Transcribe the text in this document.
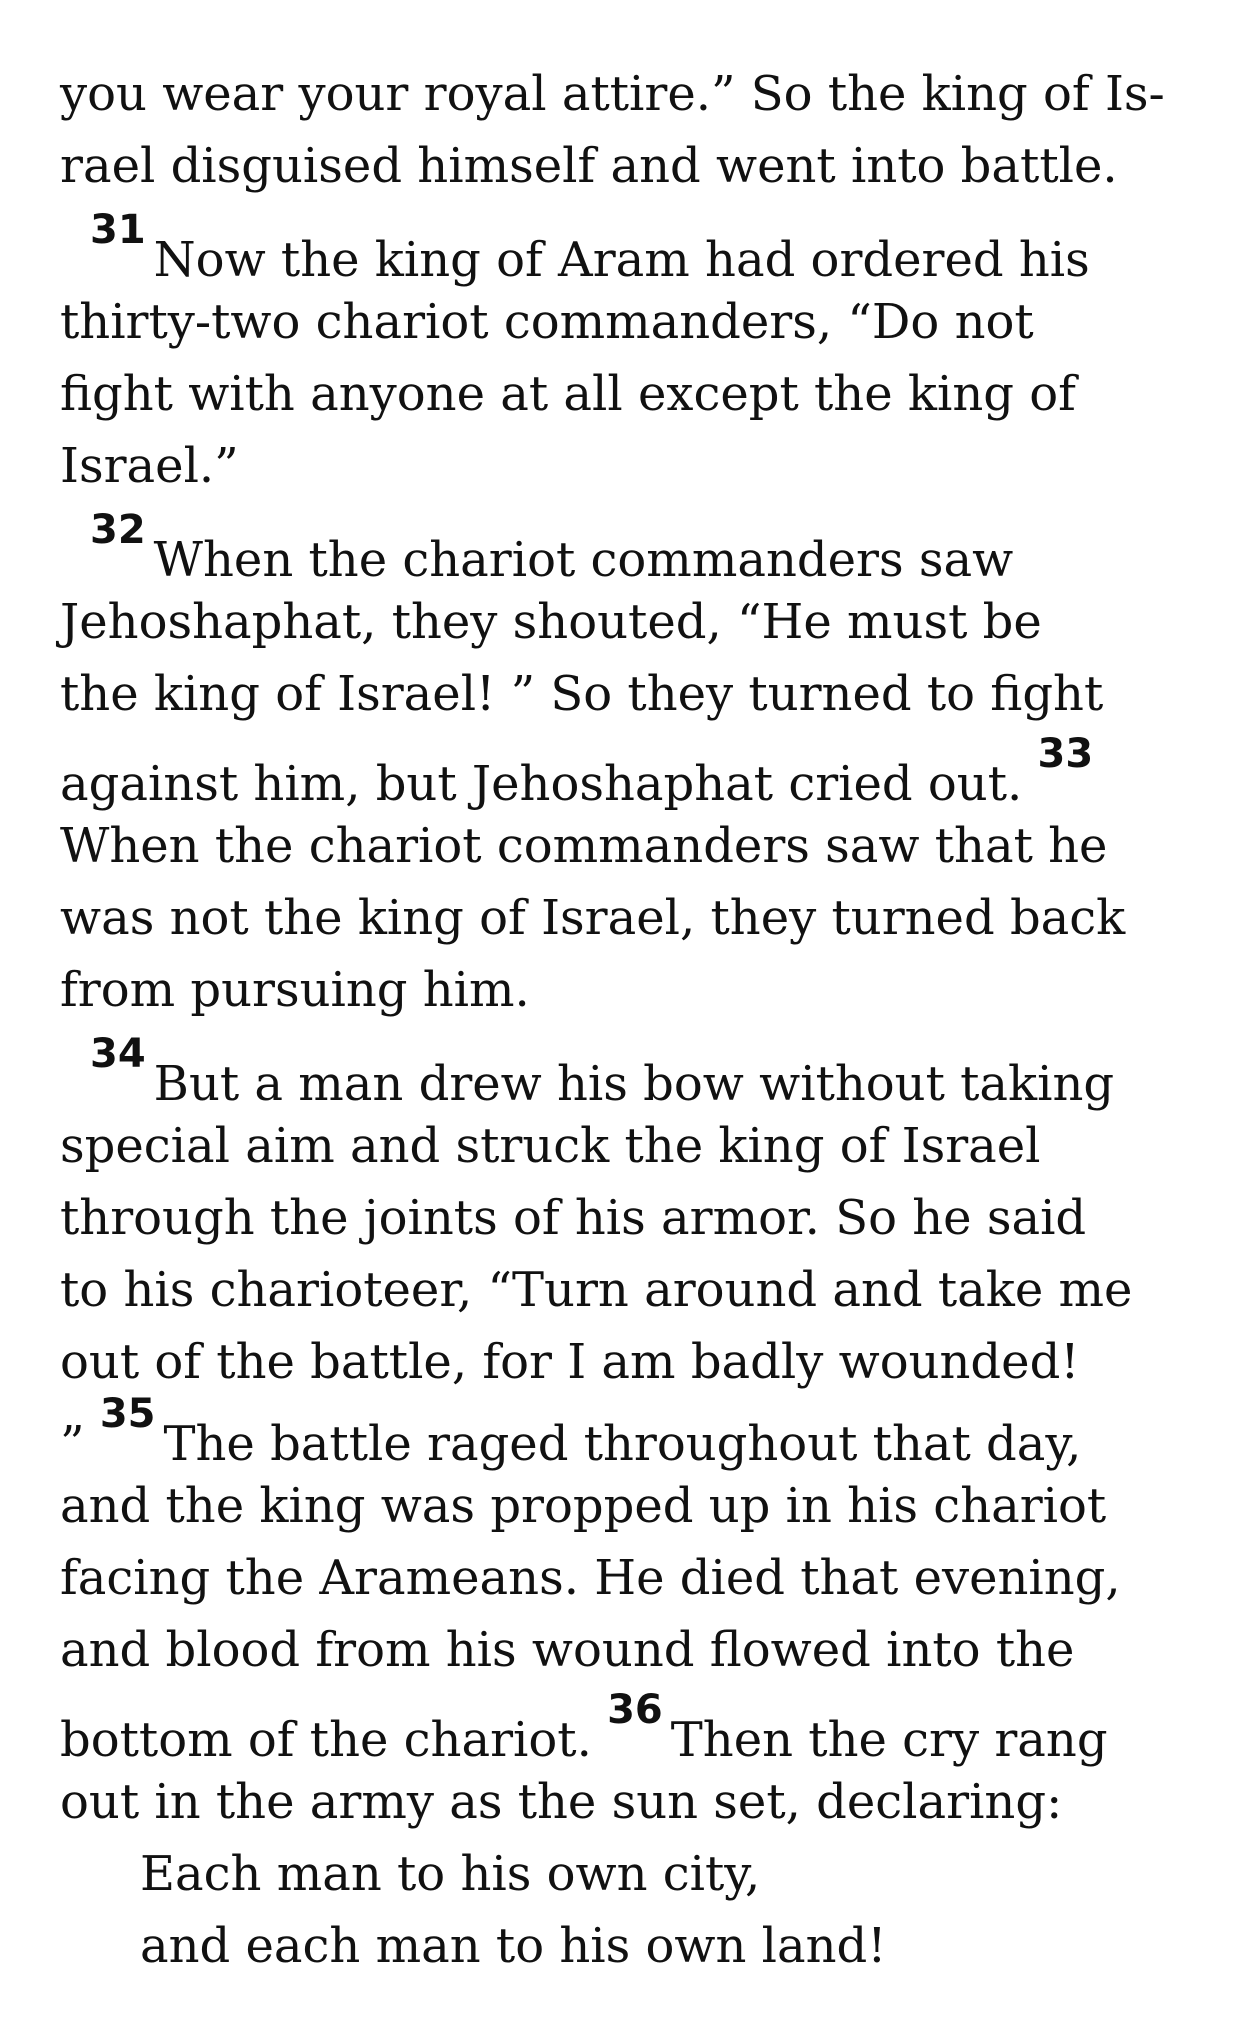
you wear your royal attire.” So the king of Is-
rael disguised himself and went into battle.
$^{31}$Now the king of Aram had ordered his
thirty-two chariot commanders, “Do not
fight with anyone at all except the king of
Israel.”
$^{32}$When the chariot commanders saw
Jehoshaphat, they shouted, “He must be
the king of Israel! ” So they turned to fight
against him, but Jehoshaphat cried out. $^{33}$
When the chariot commanders saw that he
was not the king of Israel, they turned back
from pursuing him.
$^{34}$But a man drew his bow without taking
special aim and struck the king of Israel
through the joints of his armor. So he said
to his charioteer, “Turn around and take me
out of the battle, for I am badly wounded!
” $^{35}$The battle raged throughout that day,
and the king was propped up in his chariot
facing the Arameans. He died that evening,
and blood from his wound flowed into the
bottom of the chariot. $^{36}$Then the cry rang
out in the army as the sun set, declaring:
Each man to his own city,
and each man to his own land!
